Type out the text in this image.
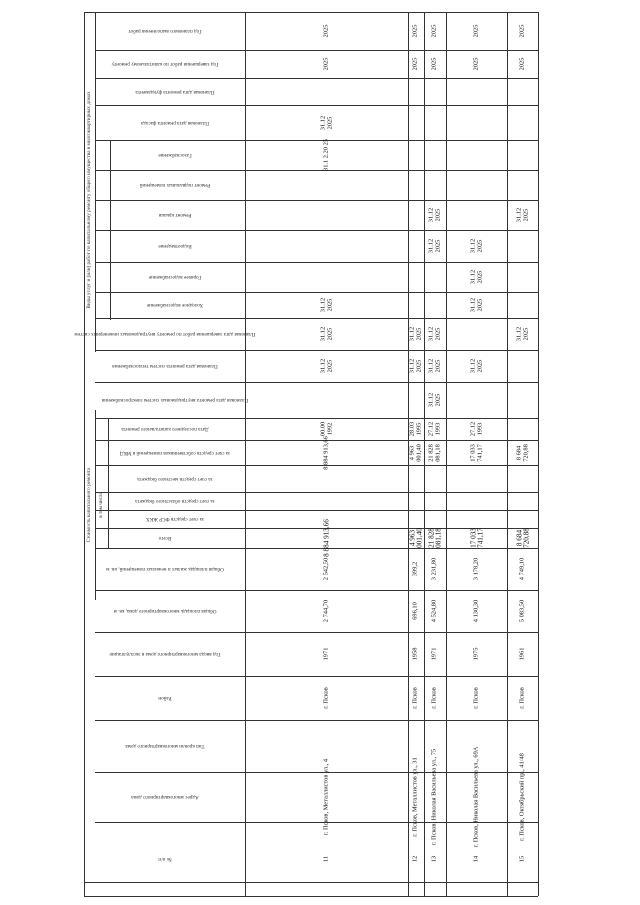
Год планового выполнения работ
Год завершения работ по капитальному ремонту
Плановая дата ремонта фундамента
Плановая дата ремонта фасада
Газоснабжение
Ремонт подвальных помещений
Ремонт крыши
Водоотведение
Горячее водоснабжение
Холодное водоснабжение
Плановая дата завершения работ по ремонту внутридомовых инженерных систем
Плановая дата ремонта систем теплоснабжения
Плановая дата ремонта внутридомовых систем электроснабжения
Дата последнего капитального ремонта
за счет средств собственников помещений в МКД
за счет средств местного бюджета
за счет средств областного бюджета
за счет средств ФСР ЖКХ
Всего
Общая площадь жилых и нежилых помещений, кв. м
Общая площадь многоквартирного дома, кв. м
Год ввода многоквартирного дома в эксплуатацию
Район
Тип кровли многоквартирного дома
Адрес многоквартирного дома
№ п/п
Виды услуг и (или) работ по капитальному ремонту общего имущества в многоквартирных домах
Стоимость капитального ремонта в том числе
2025
2025
31.12
2025
31.1 2.20 25
31.12
2025
31.12
2025
31.12
2025
00.00
1992
8 884 913,66
8 884 913,66
2 542,50
2 744,70
1971
г. Псков
г. Псков, Металлистов ул., 4
11
2025
2025
31.12
2025
31.12
2025
28.03
1995
4 963
001,40
4 963
001,40
399,2
696,10
1958
г. Псков
г. Псков, Металлистов ул., 31
12
2025
2025
31.12
2025
31.12
2025
31.12
2025
31.12
2025
31.12
2025
27.12
1993
21 828
081,18
21 828
081,18
3 231,80
4 524,80
1971
г. Псков
г. Псков, Николая Васильева ул., 75
13
2025
2025
31.12
2025
31.12
2025
31.12
2025
31.12
2025
27.12
1993
17 033
741,17
17 033
741,17
3 178,20
4 130,30
1975
г. Псков
г. Псков, Николая Васильева ул., 69А
14
2025
2025
31.12
2025
31.12
2025
8 684
720,88
8 684
720,88
4 749,10
5 083,50
1961
г. Псков
г. Псков, Октябрьский пр., 41/48
15
